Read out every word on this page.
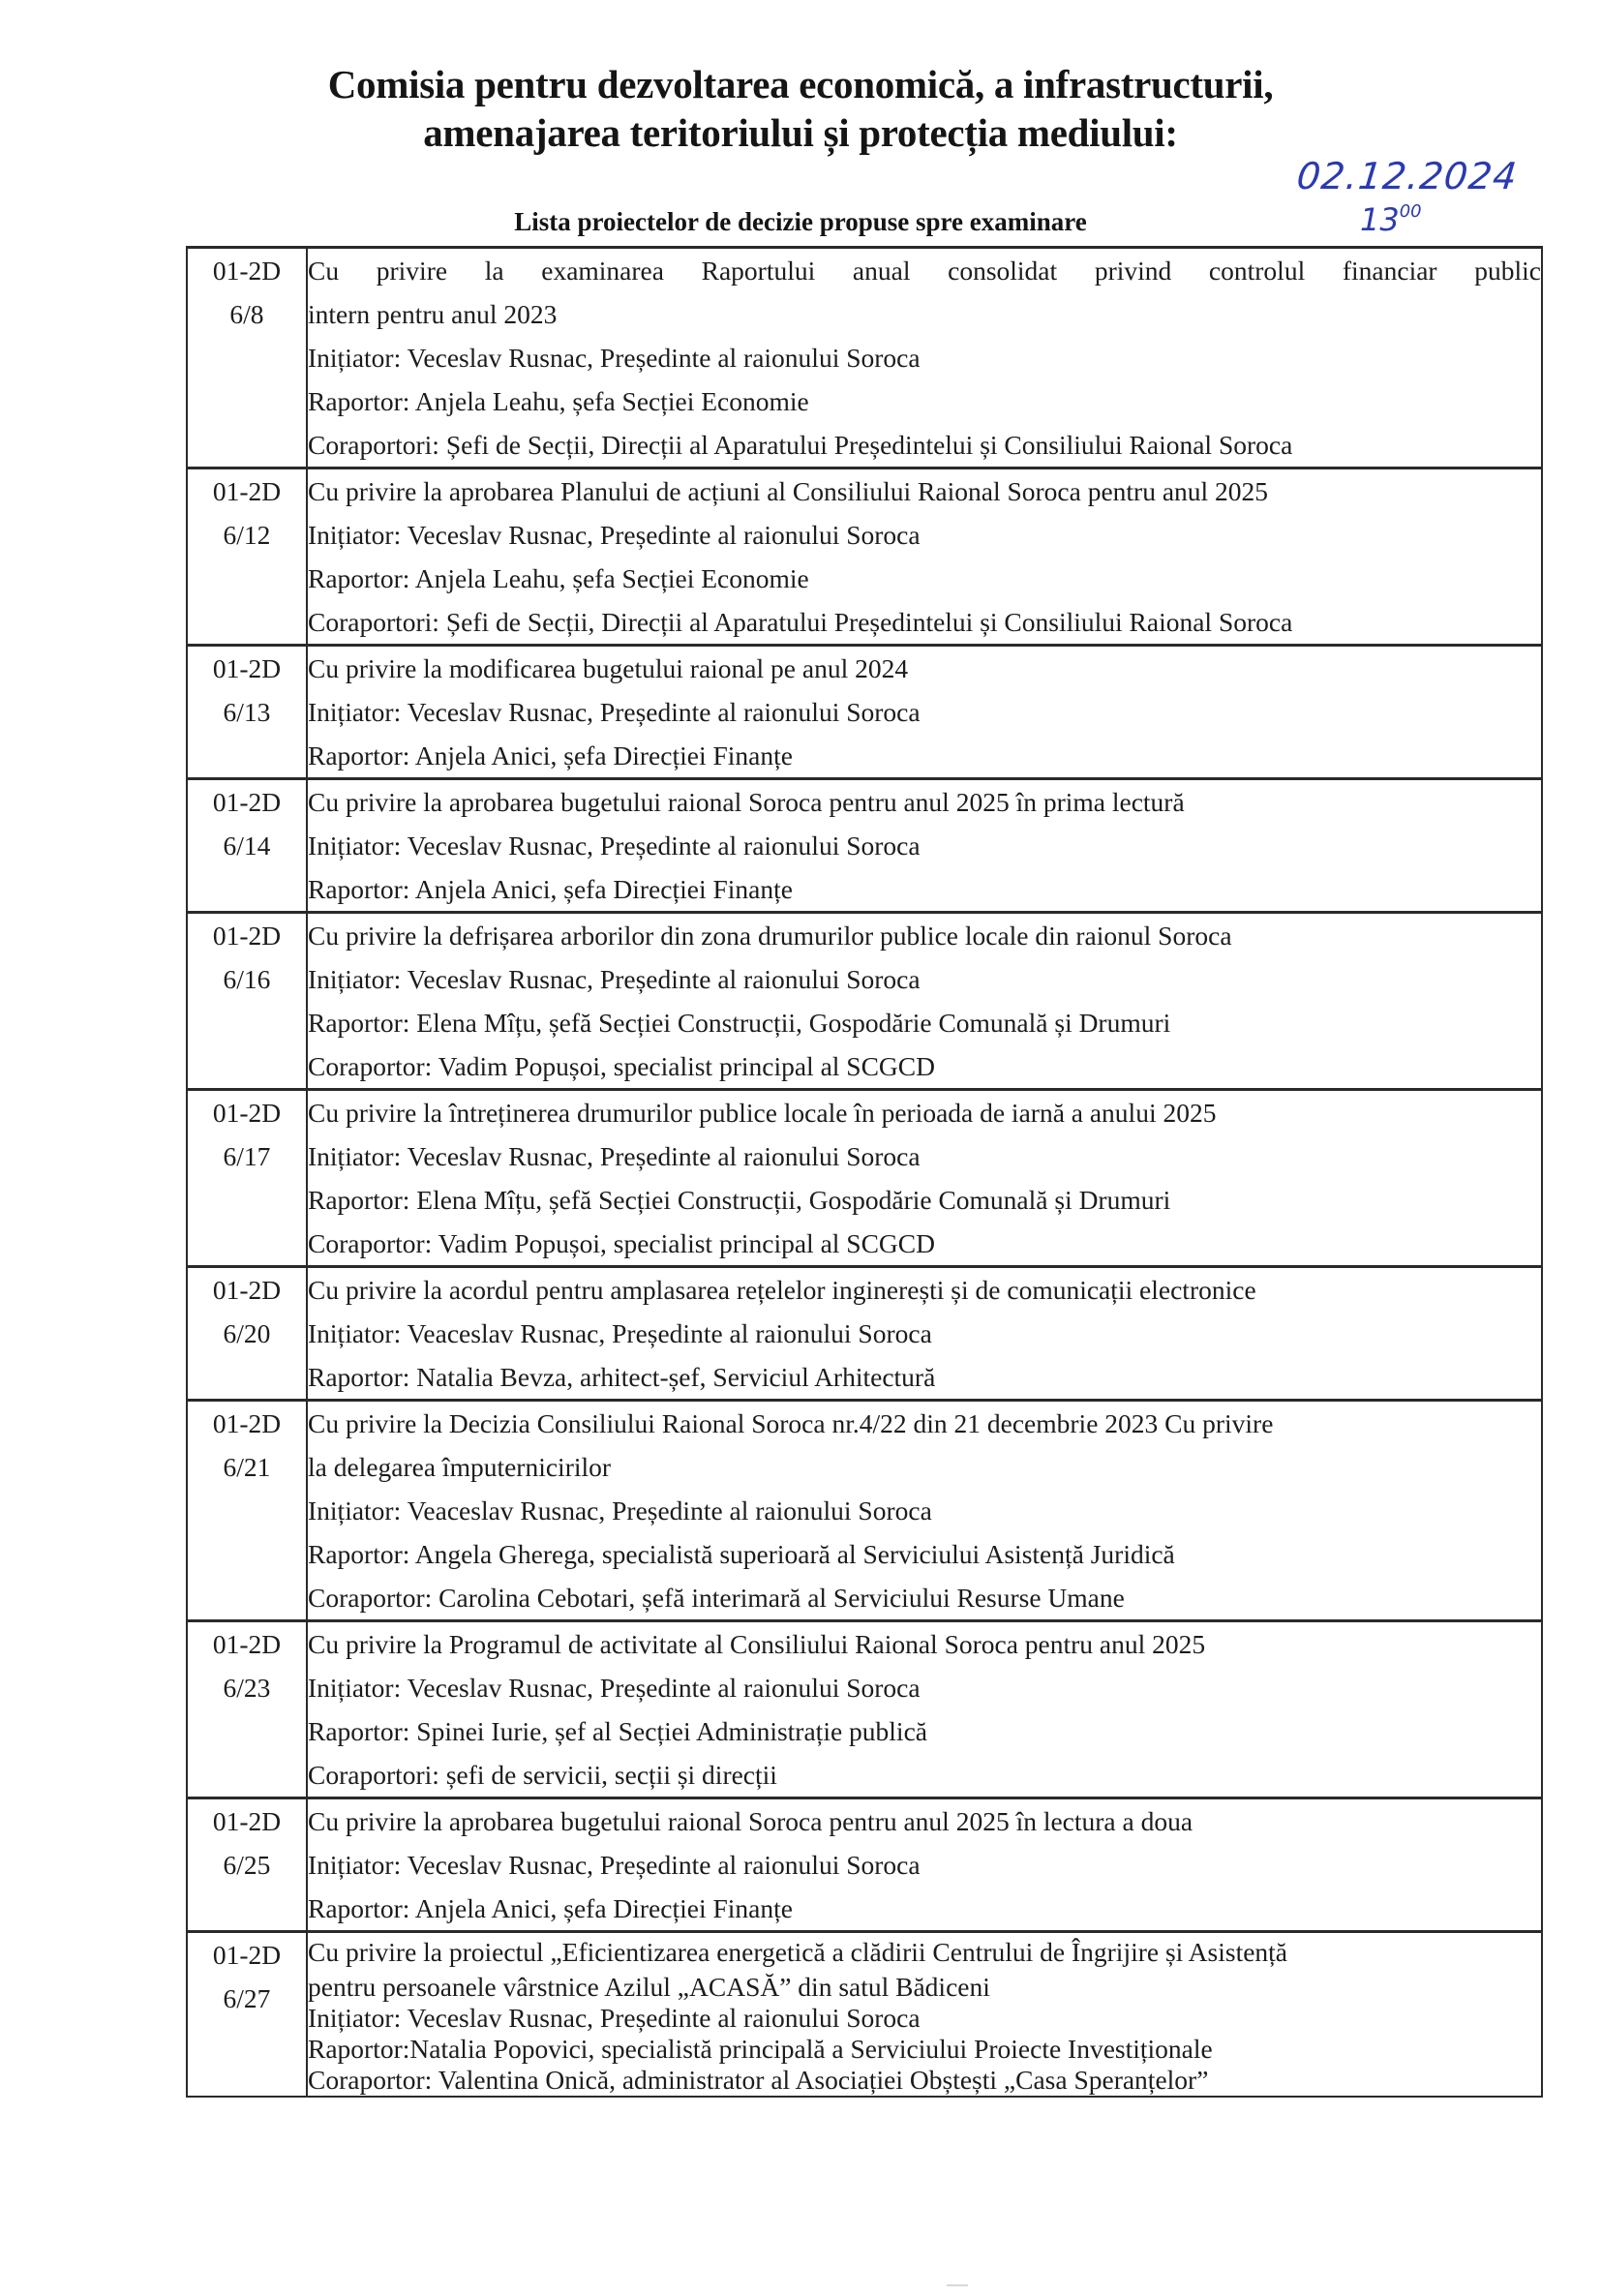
Comisia pentru dezvoltarea economică, a infrastructurii,
amenajarea teritoriului și protecția mediului:
02.12.2024
$13^{00}$
Lista proiectelor de decizie propuse spre examinare
01-2D
6/8	Cu privire la examinarea Raportului anual consolidat privind controlul financiar public
intern pentru anul 2023
Inițiator: Veceslav Rusnac, Președinte al raionului Soroca
Raportor: Anjela Leahu, șefa Secției Economie
Coraportori: Șefi de Secții, Direcții al Aparatului Președintelui și Consiliului Raional Soroca

01-2D
6/12	Cu privire la aprobarea Planului de acțiuni al Consiliului Raional Soroca pentru anul 2025
Inițiator: Veceslav Rusnac, Președinte al raionului Soroca
Raportor: Anjela Leahu, șefa Secției Economie
Coraportori: Șefi de Secții, Direcții al Aparatului Președintelui și Consiliului Raional Soroca

01-2D
6/13	Cu privire la modificarea bugetului raional pe anul 2024
Inițiator: Veceslav Rusnac, Președinte al raionului Soroca
Raportor: Anjela Anici, șefa Direcției Finanțe

01-2D
6/14	Cu privire la aprobarea bugetului raional Soroca pentru anul 2025 în prima lectură
Inițiator: Veceslav Rusnac, Președinte al raionului Soroca
Raportor: Anjela Anici, șefa Direcției Finanțe

01-2D
6/16	Cu privire la defrișarea arborilor din zona drumurilor publice locale din raionul Soroca
Inițiator: Veceslav Rusnac, Președinte al raionului Soroca
Raportor: Elena Mîțu, șefă Secției Construcții, Gospodărie Comunală și Drumuri
Coraportor: Vadim Popușoi, specialist principal al SCGCD

01-2D
6/17	Cu privire la întreținerea drumurilor publice locale în perioada de iarnă a anului 2025
Inițiator: Veceslav Rusnac, Președinte al raionului Soroca
Raportor: Elena Mîțu, șefă Secției Construcții, Gospodărie Comunală și Drumuri
Coraportor: Vadim Popușoi, specialist principal al SCGCD

01-2D
6/20	Cu privire la acordul pentru amplasarea rețelelor inginerești și de comunicații electronice
Inițiator: Veaceslav Rusnac, Președinte al raionului Soroca
Raportor: Natalia Bevza, arhitect-șef, Serviciul Arhitectură

01-2D
6/21	Cu privire la Decizia Consiliului Raional Soroca nr.4/22 din 21 decembrie 2023 Cu privire
la delegarea împuternicirilor
Inițiator: Veaceslav Rusnac, Președinte al raionului Soroca
Raportor: Angela Gherega, specialistă superioară al Serviciului Asistență Juridică
Coraportor: Carolina Cebotari, șefă interimară al Serviciului Resurse Umane

01-2D
6/23	Cu privire la Programul de activitate al Consiliului Raional Soroca pentru anul 2025
Inițiator: Veceslav Rusnac, Președinte al raionului Soroca
Raportor: Spinei Iurie, șef al Secției Administrație publică
Coraportori: șefi de servicii, secții și direcții

01-2D
6/25	Cu privire la aprobarea bugetului raional Soroca pentru anul 2025 în lectura a doua
Inițiator: Veceslav Rusnac, Președinte al raionului Soroca
Raportor: Anjela Anici, șefa Direcției Finanțe

01-2D
6/27	Cu privire la proiectul „Eficientizarea energetică a clădirii Centrului de Îngrijire și Asistență
pentru persoanele vârstnice Azilul „ACASĂ” din satul Bădiceni
Inițiator: Veceslav Rusnac, Președinte al raionului Soroca
Raportor:Natalia Popovici, specialistă principală a Serviciului Proiecte Investiționale
Coraportor: Valentina Onică, administrator al Asociației Obștești „Casa Speranțelor”
